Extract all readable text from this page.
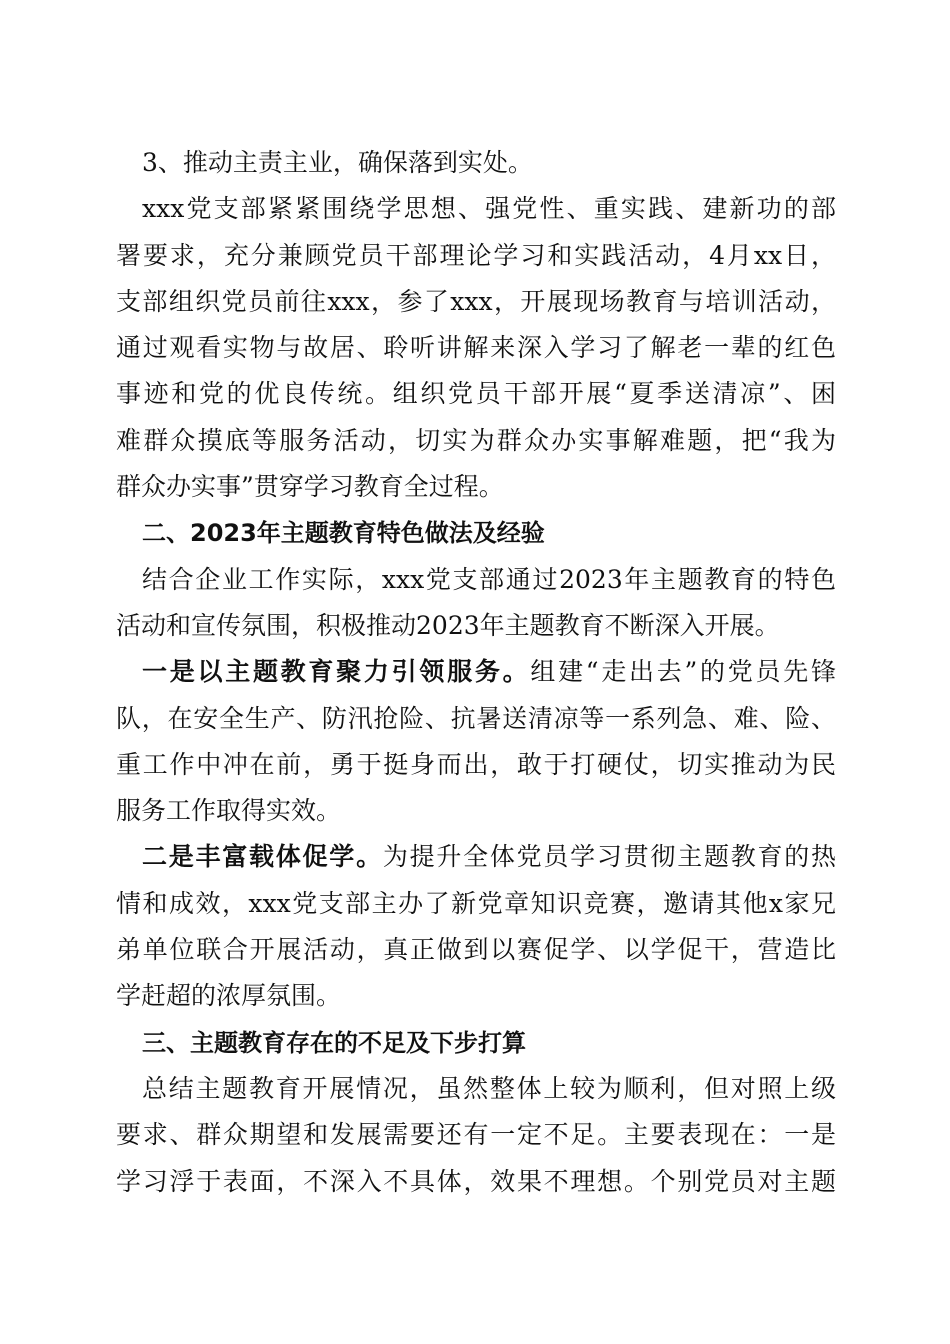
3、推动主责主业，确保落到实处。
xxx党支部紧紧围绕学思想、强党性、重实践、建新功的部
署要求，充分兼顾党员干部理论学习和实践活动，4月xx日，
支部组织党员前往xxx，参了xxx，开展现场教育与培训活动，
通过观看实物与故居、聆听讲解来深入学习了解老一辈的红色
事迹和党的优良传统。组织党员干部开展“夏季送清凉”、困
难群众摸底等服务活动，切实为群众办实事解难题，把“我为
群众办实事”贯穿学习教育全过程。
二、2023年主题教育特色做法及经验
结合企业工作实际，xxx党支部通过2023年主题教育的特色
活动和宣传氛围，积极推动2023年主题教育不断深入开展。
一是以主题教育聚力引领服务。组建“走出去”的党员先锋
队，在安全生产、防汛抢险、抗暑送清凉等一系列急、难、险、
重工作中冲在前，勇于挺身而出，敢于打硬仗，切实推动为民
服务工作取得实效。
二是丰富载体促学。为提升全体党员学习贯彻主题教育的热
情和成效，xxx党支部主办了新党章知识竞赛，邀请其他x家兄
弟单位联合开展活动，真正做到以赛促学、以学促干，营造比
学赶超的浓厚氛围。
三、主题教育存在的不足及下步打算
总结主题教育开展情况，虽然整体上较为顺利，但对照上级
要求、群众期望和发展需要还有一定不足。主要表现在：一是
学习浮于表面，不深入不具体，效果不理想。个别党员对主题
